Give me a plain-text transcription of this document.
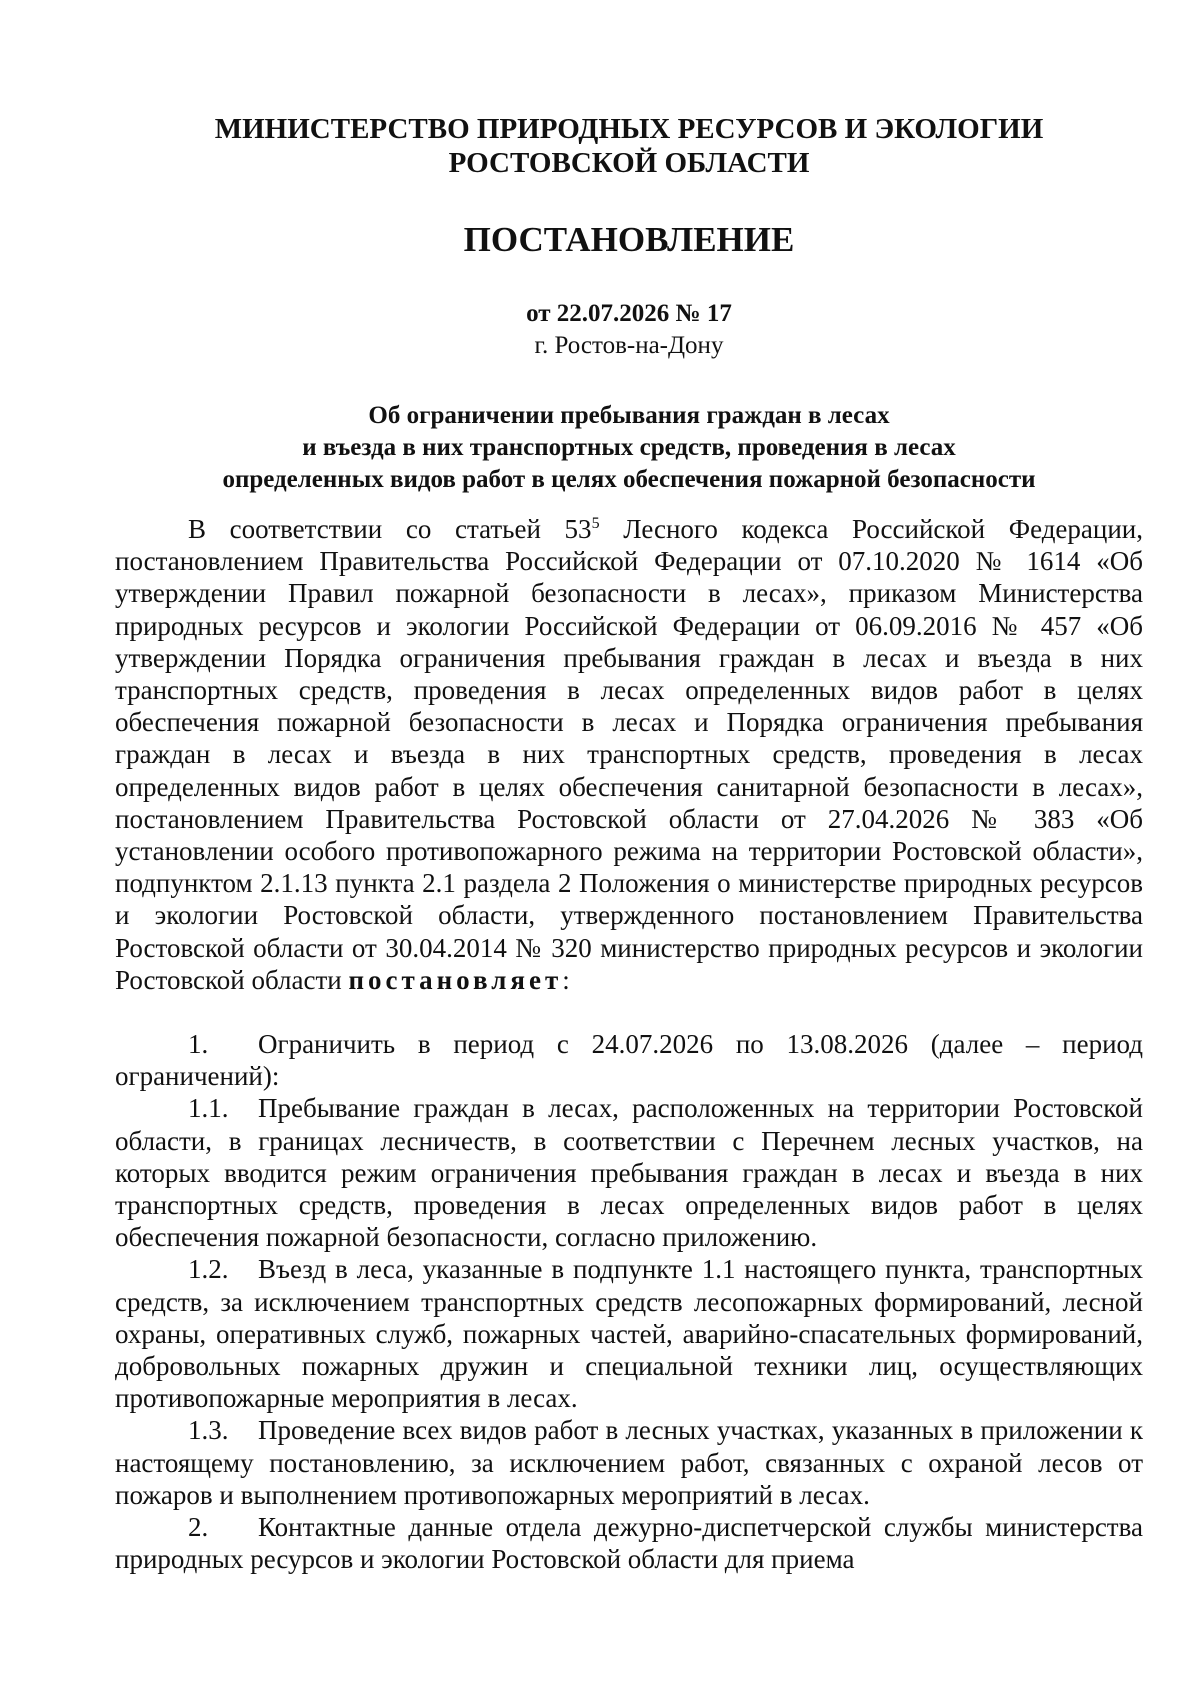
МИНИСТЕРСТВО ПРИРОДНЫХ РЕСУРСОВ И ЭКОЛОГИИ

РОСТОВСКОЙ ОБЛАСТИ

ПОСТАНОВЛЕНИЕ

от 22.07.2026 № 17

г. Ростов-на-Дону

Об ограничении пребывания граждан в лесах
и въезда в них транспортных средств, проведения в лесах
определенных видов работ в целях обеспечения пожарной безопасности

В соответствии со статьей $53^5$ Лесного кодекса Российской Федерации, постановлением Правительства Российской Федерации от 07.10.2020 № 1614 «Об утверждении Правил пожарной безопасности в лесах», приказом Министерства природных ресурсов и экологии Российской Федерации от 06.09.2016 № 457 «Об утверждении Порядка ограничения пребывания граждан в лесах и въезда в них транспортных средств, проведения в лесах определенных видов работ в целях обеспечения пожарной безопасности в лесах и Порядка ограничения пребывания граждан в лесах и въезда в них транспортных средств, проведения в лесах определенных видов работ в целях обеспечения санитарной безопасности в лесах», постановлением Правительства Ростовской области от 27.04.2026 № 383 «Об установлении особого противопожарного режима на территории Ростовской области», подпунктом 2.1.13 пункта 2.1 раздела 2 Положения о министерстве природных ресурсов и экологии Ростовской области, утвержденного постановлением Правительства Ростовской области от 30.04.2014 № 320 министерство природных ресурсов и экологии Ростовской области постановляет:

1. Ограничить в период с 24.07.2026 по 13.08.2026 (далее – период ограничений):

1.1. Пребывание граждан в лесах, расположенных на территории Ростовской области, в границах лесничеств, в соответствии с Перечнем лесных участков, на которых вводится режим ограничения пребывания граждан в лесах и въезда в них транспортных средств, проведения в лесах определенных видов работ в целях обеспечения пожарной безопасности, согласно приложению.

1.2. Въезд в леса, указанные в подпункте 1.1 настоящего пункта, транспортных средств, за исключением транспортных средств лесопожарных формирований, лесной охраны, оперативных служб, пожарных частей, аварийно-спасательных формирований, добровольных пожарных дружин и специальной техники лиц, осуществляющих противопожарные мероприятия в лесах.

1.3. Проведение всех видов работ в лесных участках, указанных в приложении к настоящему постановлению, за исключением работ, связанных с охраной лесов от пожаров и выполнением противопожарных мероприятий в лесах.

2. Контактные данные отдела дежурно-диспетчерской службы министерства природных ресурсов и экологии Ростовской области для приема
